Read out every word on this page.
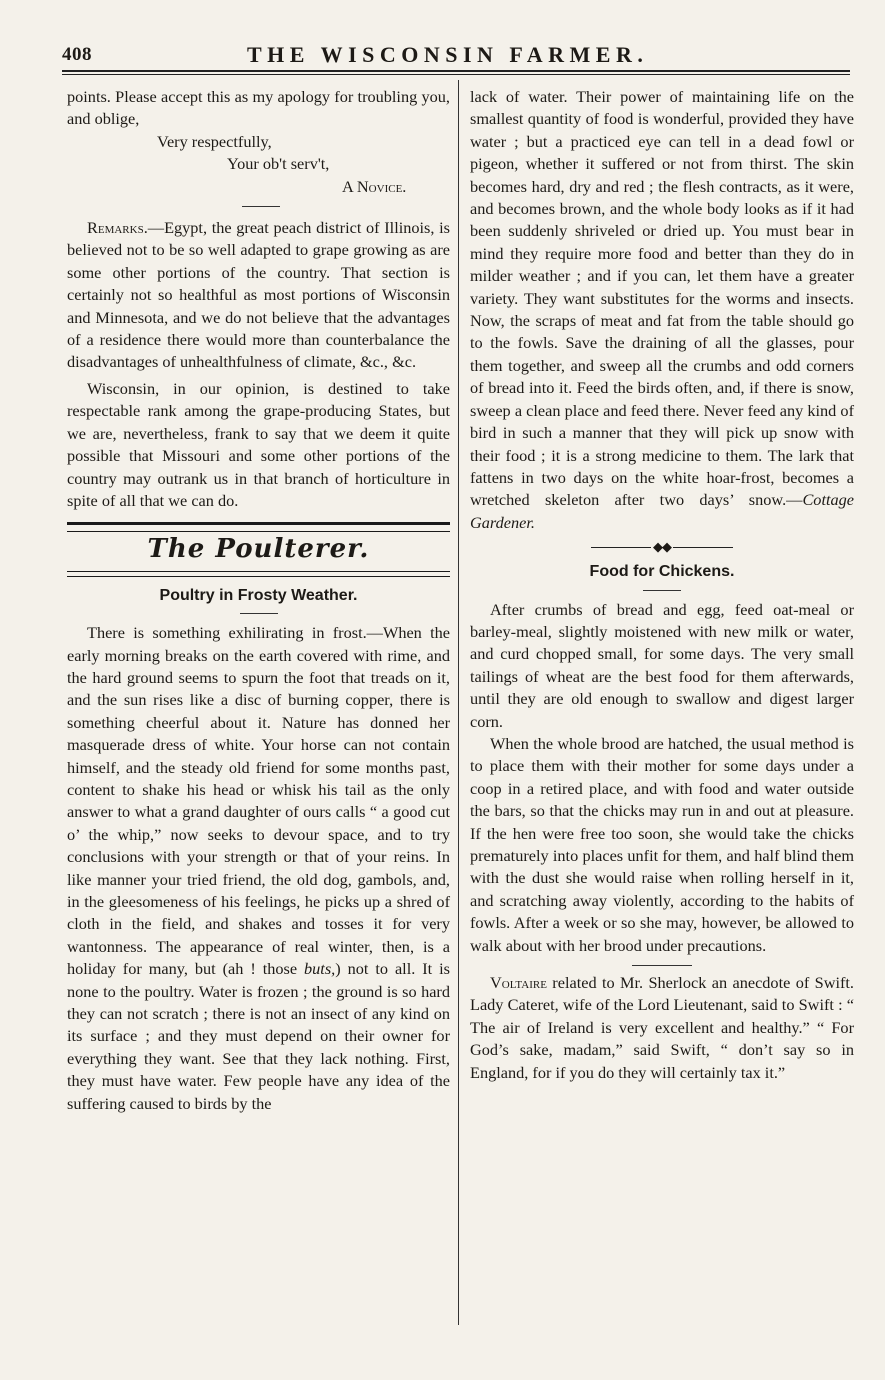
408	THE WISCONSIN FARMER.

points. Please accept this as my apology for troubling you, and oblige,

Very respectfully,

Your ob't serv't,

A Novice.

Remarks.—Egypt, the great peach district of Illinois, is believed not to be so well adapted to grape growing as are some other portions of the country. That section is certainly not so healthful as most portions of Wisconsin and Minnesota, and we do not believe that the advantages of a residence there would more than counterbalance the disadvantages of unhealthfulness of climate, &c., &c.

Wisconsin, in our opinion, is destined to take respectable rank among the grape-producing States, but we are, nevertheless, frank to say that we deem it quite possible that Missouri and some other portions of the country may outrank us in that branch of horticulture in spite of all that we can do.

The Poulterer.

Poultry in Frosty Weather.

There is something exhilirating in frost.—When the early morning breaks on the earth covered with rime, and the hard ground seems to spurn the foot that treads on it, and the sun rises like a disc of burning copper, there is something cheerful about it. Nature has donned her masquerade dress of white. Your horse can not contain himself, and the steady old friend for some months past, content to shake his head or whisk his tail as the only answer to what a grand daughter of ours calls “ a good cut o’ the whip,” now seeks to devour space, and to try conclusions with your strength or that of your reins. In like manner your tried friend, the old dog, gambols, and, in the gleesomeness of his feelings, he picks up a shred of cloth in the field, and shakes and tosses it for very wantonness. The appearance of real winter, then, is a holiday for many, but (ah ! those buts,) not to all. It is none to the poultry. Water is frozen ; the ground is so hard they can not scratch ; there is not an insect of any kind on its surface ; and they must depend on their owner for everything they want. See that they lack nothing. First, they must have water. Few people have any idea of the suffering caused to birds by the

lack of water. Their power of maintaining life on the smallest quantity of food is wonderful, provided they have water ; but a practiced eye can tell in a dead fowl or pigeon, whether it suffered or not from thirst. The skin becomes hard, dry and red ; the flesh contracts, as it were, and becomes brown, and the whole body looks as if it had been suddenly shriveled or dried up. You must bear in mind they require more food and better than they do in milder weather ; and if you can, let them have a greater variety. They want substitutes for the worms and insects. Now, the scraps of meat and fat from the table should go to the fowls. Save the draining of all the glasses, pour them together, and sweep all the crumbs and odd corners of bread into it. Feed the birds often, and, if there is snow, sweep a clean place and feed there. Never feed any kind of bird in such a manner that they will pick up snow with their food ; it is a strong medicine to them. The lark that fattens in two days on the white hoar-frost, becomes a wretched skeleton after two days’ snow.—Cottage Gardener.

◆◆

Food for Chickens.

After crumbs of bread and egg, feed oat-meal or barley-meal, slightly moistened with new milk or water, and curd chopped small, for some days. The very small tailings of wheat are the best food for them afterwards, until they are old enough to swallow and digest larger corn.

When the whole brood are hatched, the usual method is to place them with their mother for some days under a coop in a retired place, and with food and water outside the bars, so that the chicks may run in and out at pleasure. If the hen were free too soon, she would take the chicks prematurely into places unfit for them, and half blind them with the dust she would raise when rolling herself in it, and scratching away violently, according to the habits of fowls. After a week or so she may, however, be allowed to walk about with her brood under precautions.

Voltaire related to Mr. Sherlock an anecdote of Swift. Lady Cateret, wife of the Lord Lieutenant, said to Swift : “ The air of Ireland is very excellent and healthy.” “ For God’s sake, madam,” said Swift, “ don’t say so in England, for if you do they will certainly tax it.”
